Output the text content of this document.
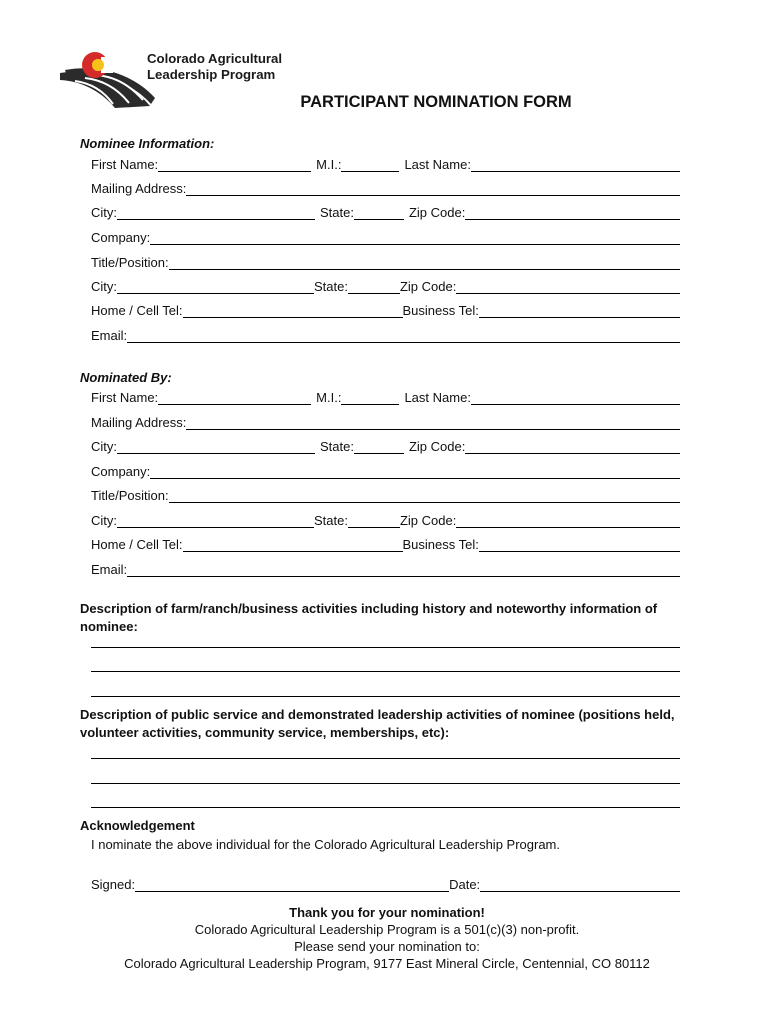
Colorado Agricultural
Leadership Program
PARTICIPANT NOMINATION FORM
Nominee Information:
First Name:	M.I.:	Last Name:
Mailing Address:
City:	State:	Zip Code:
Company:
Title/Position:
City:	State:	Zip Code:
Home / Cell Tel:	Business Tel:
Email:
Nominated By:
First Name:	M.I.:	Last Name:
Mailing Address:
City:	State:	Zip Code:
Company:
Title/Position:
City:	State:	Zip Code:
Home / Cell Tel:	Business Tel:
Email:
Description of farm/ranch/business activities including history and noteworthy information of nominee:
Description of public service and demonstrated leadership activities of nominee (positions held, volunteer activities, community service, memberships, etc):
Acknowledgement
I nominate the above individual for the Colorado Agricultural Leadership Program.
Signed:	Date:
Thank you for your nomination!
Colorado Agricultural Leadership Program is a 501(c)(3) non-profit.
Please send your nomination to:
Colorado Agricultural Leadership Program, 9177 East Mineral Circle, Centennial, CO 80112
